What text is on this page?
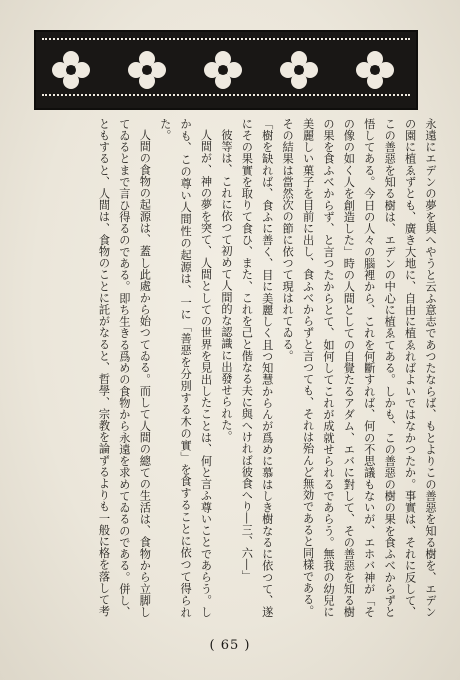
永遠にエデンの夢を與へやうと云ふ意志であつたならば、もとよりこの善惡を知る樹を、エデンの園に植ゑずとも、廣き大地に、自由に植ゑればよいではなかつたか。事實は、それに反して、この善惡を知る樹は、エデンの中心に植ゑてある。しかも、この善惡の樹の果を食ふべからずと悟してある。今日の人々の腦裡から、これを何斷すれば、何の不思議もないが、エホバ神が「その像の如く人を創造した」時の人間としての自覺たるアダム、エバに對して、その善惡を知る樹の果を食ふべからず、と言つたからとて、如何してこれが成就せられるであらう。無我の幼兒に美麗しい菓子を目前に出し、食ふべからずと言つても、それは殆んど無効であると同樣である。

その結果は當然次の節に依つて現はれてゐる。

「樹を缺れば、食ふに善く、目に美麗しく且つ知慧からんが爲めに慕はしき樹なるに依つて、遂にその果實を取りて食ひ、また、これを己と偕なる夫に與へければ彼食へり―三、六―」

彼等は、これに依つて初めて人間的な認識に出發せられた。

人間が、神の夢を突て、人間としての世界を見出したことは、何と言ふ尊いことであらう。しかも、この尊い人間性の起源は、一に「善惡を分別する木の實」を食することに依つて得られた。

人間の食物の起源は、蓋し此處から始つてゐる。而して人間の總ての生活は、食物から立脚してゐるとまで言ひ得るのである。即ち生きる爲めの食物から永遠を求めてゐるのである。併し、ともすると、人間は、食物のことに託がなると、哲學、宗教を論ずるよりも一般に格を落して考

( 65 )
